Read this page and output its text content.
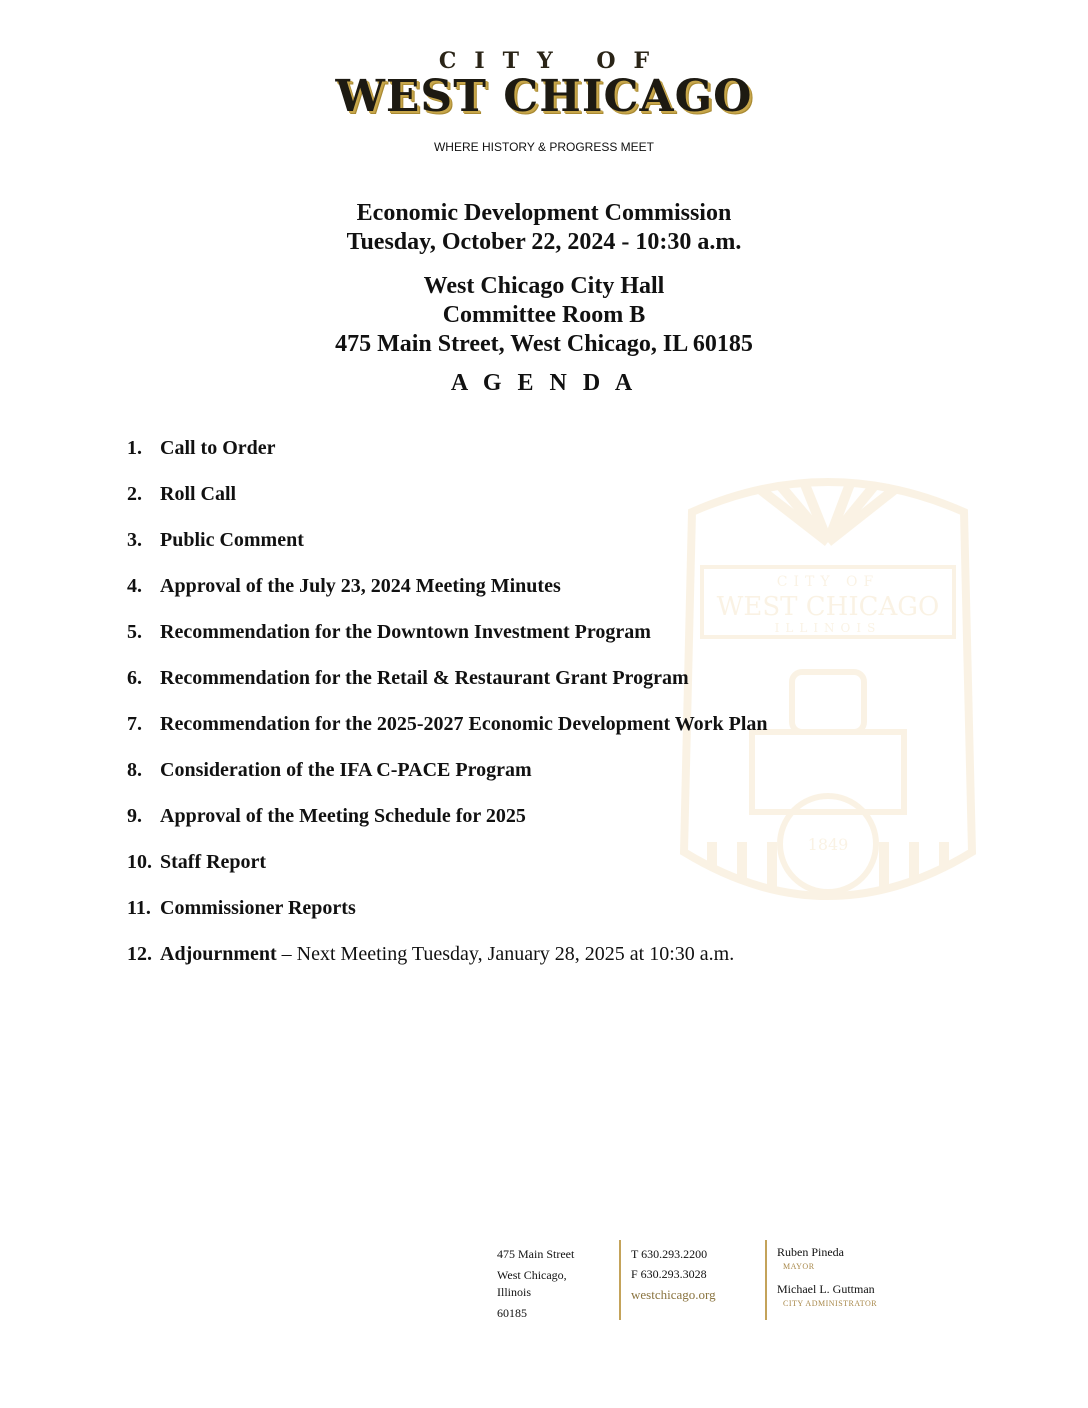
CITY OF
WEST CHICAGO
WHERE HISTORY & PROGRESS MEET
Economic Development Commission
Tuesday, October 22, 2024 - 10:30 a.m.
West Chicago City Hall
Committee Room B
475 Main Street, West Chicago, IL 60185
A G E N D A
CITY OF
WEST CHICAGO
ILLINOIS
1849
1. Call to Order
2. Roll Call
3. Public Comment
4. Approval of the July 23, 2024 Meeting Minutes
5. Recommendation for the Downtown Investment Program
6. Recommendation for the Retail & Restaurant Grant Program
7. Recommendation for the 2025-2027 Economic Development Work Plan
8. Consideration of the IFA C-PACE Program
9. Approval of the Meeting Schedule for 2025
10. Staff Report
11. Commissioner Reports
12. Adjournment – Next Meeting Tuesday, January 28, 2025 at 10:30 a.m.
475 Main Street
West Chicago,
Illinois
60185
T 630.293.2200
F 630.293.3028
westchicago.org
Ruben Pineda
MAYOR
Michael L. Guttman
CITY ADMINISTRATOR
